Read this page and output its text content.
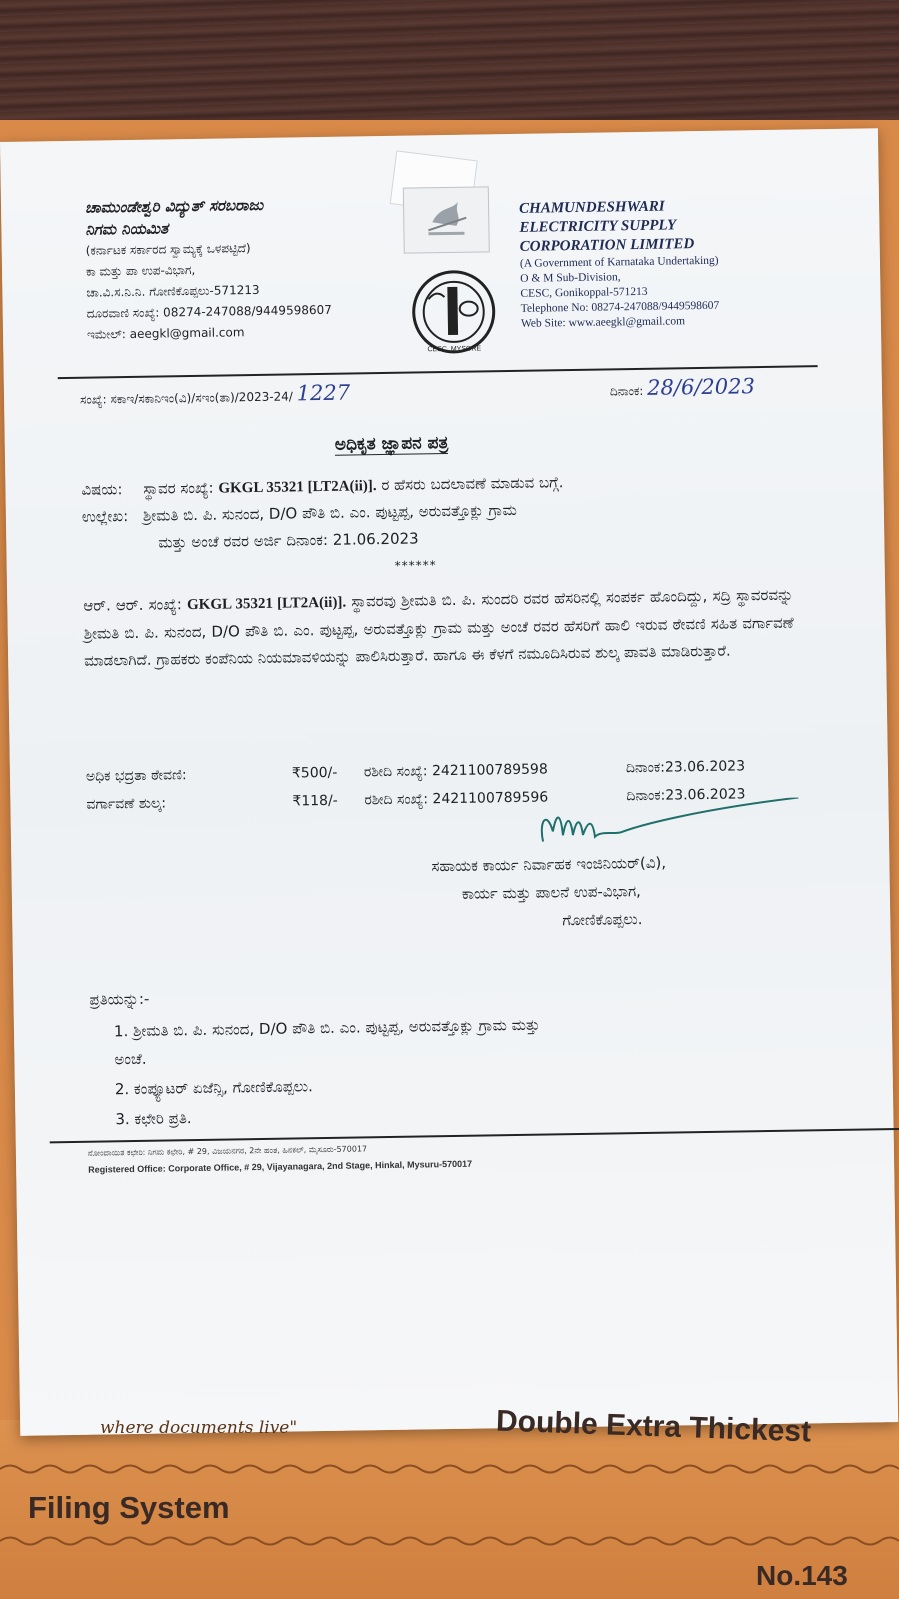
ಚಾಮುಂಡೇಶ್ವರಿ ವಿದ್ಯುತ್ ಸರಬರಾಜು
ನಿಗಮ ನಿಯಮಿತ
(ಕರ್ನಾಟಕ ಸರ್ಕಾರದ ಸ್ವಾಮ್ಯಕ್ಕೆ ಒಳಪಟ್ಟಿದೆ)
ಕಾ ಮತ್ತು ಪಾ ಉಪ-ವಿಭಾಗ,
ಚಾ.ವಿ.ಸ.ನಿ.ನಿ. ಗೋಣಿಕೊಪ್ಪಲು-571213
ದೂರವಾಣಿ ಸಂಖ್ಯೆ: 08274-247088/9449598607
ಇಮೇಲ್: aeegkl@gmail.com
CESC, MYSORE
CHAMUNDESHWARI
ELECTRICITY SUPPLY
CORPORATION LIMITED
(A Government of Karnataka Undertaking)
O & M Sub-Division,
CESC, Gonikoppal-571213
Telephone No: 08274-247088/9449598607
Web Site: www.aeegkl@gmail.com
ಸಂಖ್ಯೆ: ಸಕಾಇ/ಸಕಾನಿಇಂ(ವಿ)/ಸಇಂ(ತಾ)/2023-24/ 1227	ದಿನಾಂಕ: 28/6/2023
ಅಧಿಕೃತ ಜ್ಞಾಪನ ಪತ್ರ
ವಿಷಯ: ಸ್ಥಾವರ ಸಂಖ್ಯೆ: GKGL 35321 [LT2A(ii)]. ರ ಹೆಸರು ಬದಲಾವಣೆ ಮಾಡುವ ಬಗ್ಗೆ.
ಉಲ್ಲೇಖ: ಶ್ರೀಮತಿ ಬಿ. ಪಿ. ಸುನಂದ, D/O ಪೌತಿ ಬಿ. ಎಂ. ಪುಟ್ಟಪ್ಪ, ಅರುವತ್ತೊಕ್ಲು ಗ್ರಾಮ
ಮತ್ತು ಅಂಚೆ ರವರ ಅರ್ಜಿ ದಿನಾಂಕ: 21.06.2023
******
ಆರ್. ಆರ್. ಸಂಖ್ಯೆ: GKGL 35321 [LT2A(ii)]. ಸ್ಥಾವರವು ಶ್ರೀಮತಿ ಬಿ. ಪಿ. ಸುಂದರಿ ರವರ ಹೆಸರಿನಲ್ಲಿ ಸಂಪರ್ಕ ಹೊಂದಿದ್ದು, ಸದ್ರಿ ಸ್ಥಾವರವನ್ನು ಶ್ರೀಮತಿ ಬಿ. ಪಿ. ಸುನಂದ, D/O ಪೌತಿ ಬಿ. ಎಂ. ಪುಟ್ಟಪ್ಪ, ಅರುವತ್ತೊಕ್ಲು ಗ್ರಾಮ ಮತ್ತು ಅಂಚೆ ರವರ ಹೆಸರಿಗೆ ಹಾಲಿ ಇರುವ ಠೇವಣಿ ಸಹಿತ ವರ್ಗಾವಣೆ ಮಾಡಲಾಗಿದೆ. ಗ್ರಾಹಕರು ಕಂಪೆನಿಯ ನಿಯಮಾವಳಿಯನ್ನು ಪಾಲಿಸಿರುತ್ತಾರೆ. ಹಾಗೂ ಈ ಕೆಳಗೆ ನಮೂದಿಸಿರುವ ಶುಲ್ಕ ಪಾವತಿ ಮಾಡಿರುತ್ತಾರೆ.
ಅಧಿಕ ಭದ್ರತಾ ಠೇವಣಿ:	₹500/- ರಶೀದಿ ಸಂಖ್ಯೆ: 2421100789598	ದಿನಾಂಕ:23.06.2023
ವರ್ಗಾವಣೆ ಶುಲ್ಕ:	₹118/- ರಶೀದಿ ಸಂಖ್ಯೆ: 2421100789596	ದಿನಾಂಕ:23.06.2023
ಸಹಾಯಕ ಕಾರ್ಯ ನಿರ್ವಾಹಕ ಇಂಜಿನಿಯರ್(ವಿ),
ಕಾರ್ಯ ಮತ್ತು ಪಾಲನೆ ಉಪ-ವಿಭಾಗ,
ಗೋಣಿಕೊಪ್ಪಲು.
ಪ್ರತಿಯನ್ನು:-
1. ಶ್ರೀಮತಿ ಬಿ. ಪಿ. ಸುನಂದ, D/O ಪೌತಿ ಬಿ. ಎಂ. ಪುಟ್ಟಪ್ಪ, ಅರುವತ್ತೊಕ್ಲು ಗ್ರಾಮ ಮತ್ತು
ಅಂಚೆ.
2. ಕಂಪ್ಯೂಟರ್ ಏಜೆನ್ಸಿ, ಗೋಣಿಕೊಪ್ಪಲು.
3. ಕಛೇರಿ ಪ್ರತಿ.
ನೋಂದಾಯಿತ ಕಛೇರಿ: ನಿಗಮ ಕಛೇರಿ, # 29, ವಿಜಯನಗರ, 2ನೇ ಹಂತ, ಹಿನಕಲ್, ಮೈಸೂರು-570017
Registered Office: Corporate Office, # 29, Vijayanagara, 2nd Stage, Hinkal, Mysuru-570017
where documents live"	Double Extra Thickest
Filing System
No.143
